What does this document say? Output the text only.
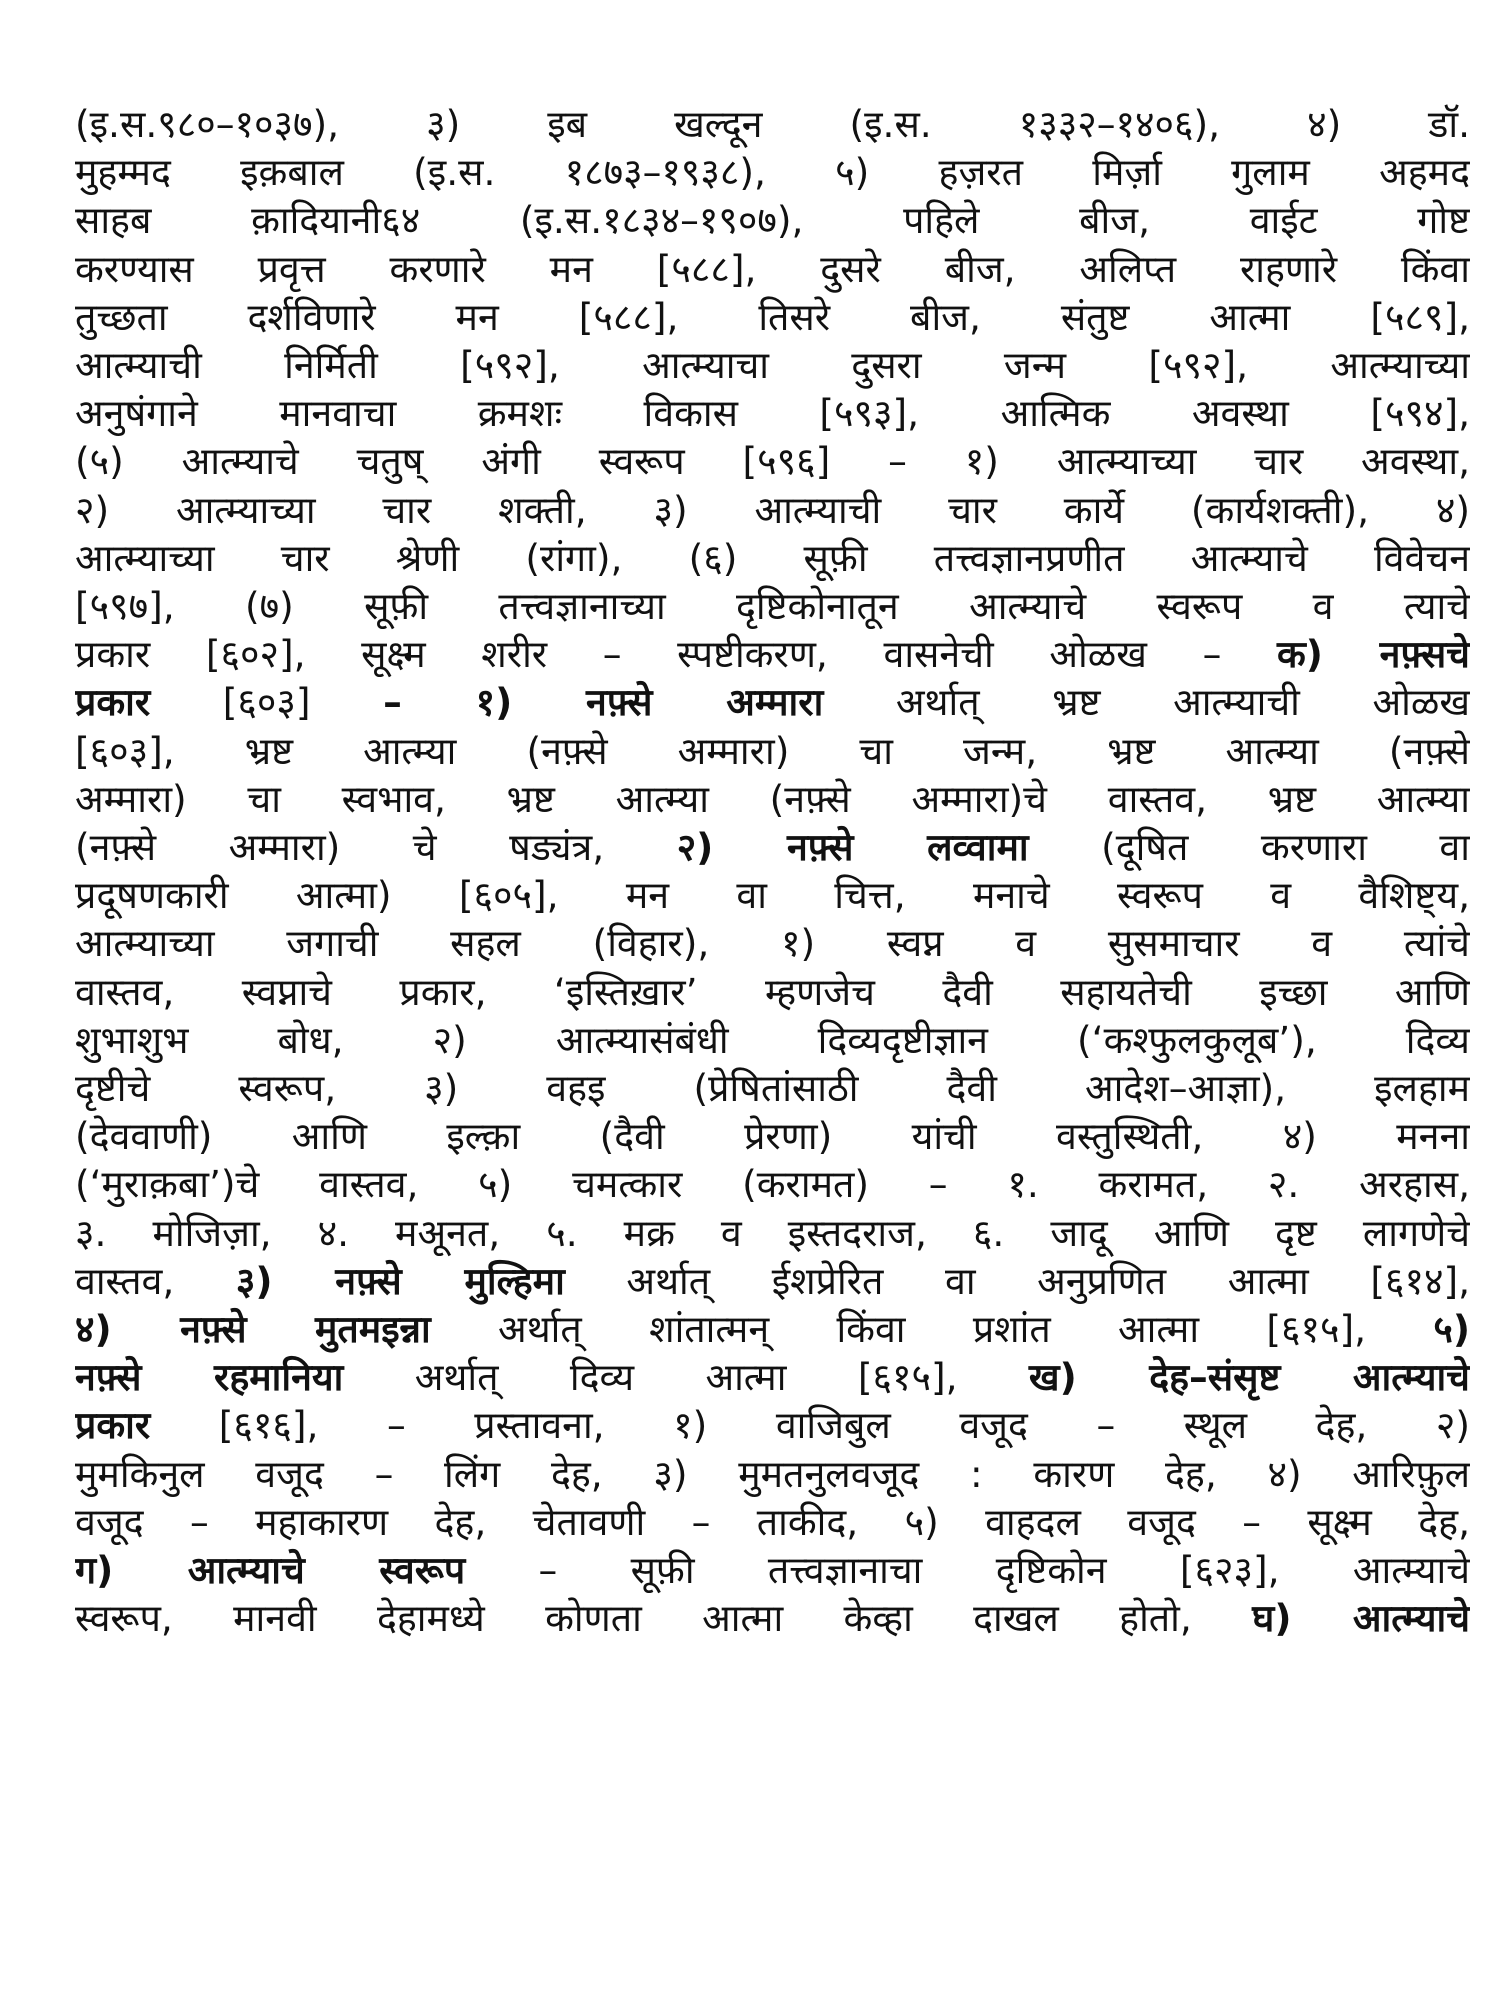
(इ.स.९८०–१०३७), ३) इब खल्दून (इ.स. १३३२–१४०६), ४) डॉ.
मुहम्मद इक़बाल (इ.स. १८७३–१९३८), ५) हज़रत मिर्ज़ा गुलाम अहमद
साहब क़ादियानी६४ (इ.स.१८३४–१९०७), पहिले बीज, वाईट गोष्ट
करण्यास प्रवृत्त करणारे मन [५८८], दुसरे बीज, अलिप्त राहणारे किंवा
तुच्छता दर्शविणारे मन [५८८], तिसरे बीज, संतुष्ट आत्मा [५८९],
आत्म्याची निर्मिती [५९२], आत्म्याचा दुसरा जन्म [५९२], आत्म्याच्या
अनुषंगाने मानवाचा क्रमशः विकास [५९३], आत्मिक अवस्था [५९४],
(५) आत्म्याचे चतुष् अंगी स्वरूप [५९६] – १) आत्म्याच्या चार अवस्था,
२) आत्म्याच्या चार शक्ती, ३) आत्म्याची चार कार्ये (कार्यशक्ती), ४)
आत्म्याच्या चार श्रेणी (रांगा), (६) सूफ़ी तत्त्वज्ञानप्रणीत आत्म्याचे विवेचन
[५९७], (७) सूफ़ी तत्त्वज्ञानाच्या दृष्टिकोनातून आत्म्याचे स्वरूप व त्याचे
प्रकार [६०२], सूक्ष्म शरीर – स्पष्टीकरण, वासनेची ओळख – क) नफ़्सचे
प्रकार [६०३] – १) नफ़्से अम्मारा अर्थात् भ्रष्ट आत्म्याची ओळख
[६०३], भ्रष्ट आत्म्या (नफ़्से अम्मारा) चा जन्म, भ्रष्ट आत्म्या (नफ़्से
अम्मारा) चा स्वभाव, भ्रष्ट आत्म्या (नफ़्से अम्मारा)चे वास्तव, भ्रष्ट आत्म्या
(नफ़्से अम्मारा) चे षड्यंत्र, २) नफ़्से लव्वामा (दूषित करणारा वा
प्रदूषणकारी आत्मा) [६०५], मन वा चित्त, मनाचे स्वरूप व वैशिष्ट्य,
आत्म्याच्या जगाची सहल (विहार), १) स्वप्न व सुसमाचार व त्यांचे
वास्तव, स्वप्नाचे प्रकार, ‘इस्तिख़ार’ म्हणजेच दैवी सहायतेची इच्छा आणि
शुभाशुभ बोध, २) आत्म्यासंबंधी दिव्यदृष्टीज्ञान (‘कश्फुलकुलूब’), दिव्य
दृष्टीचे स्वरूप, ३) वहइ (प्रेषितांसाठी दैवी आदेश–आज्ञा), इलहाम
(देववाणी) आणि इल्क़ा (दैवी प्रेरणा) यांची वस्तुस्थिती, ४) मनना
(‘मुराक़बा’)चे वास्तव, ५) चमत्कार (करामत) – १. करामत, २. अरहास,
३. मोजिज़ा, ४. मअूनत, ५. मक्र व इस्तदराज, ६. जादू आणि दृष्ट लागणेचे
वास्तव, ३) नफ़्से मुल्हिमा अर्थात् ईशप्रेरित वा अनुप्रणित आत्मा [६१४],
४) नफ़्से मुतमइन्ना अर्थात् शांतात्मन् किंवा प्रशांत आत्मा [६१५], ५)
नफ़्से रहमानिया अर्थात् दिव्य आत्मा [६१५], ख) देह–संसृष्ट आत्म्याचे
प्रकार [६१६], – प्रस्तावना, १) वाजिबुल वजूद – स्थूल देह, २)
मुमकिनुल वजूद – लिंग देह, ३) मुमतनुलवजूद : कारण देह, ४) आरिफ़ुल
वजूद – महाकारण देह, चेतावणी – ताकीद, ५) वाहदल वजूद – सूक्ष्म देह,
ग) आत्म्याचे स्वरूप – सूफ़ी तत्त्वज्ञानाचा दृष्टिकोन [६२३], आत्म्याचे
स्वरूप, मानवी देहामध्ये कोणता आत्मा केव्हा दाखल होतो, घ) आत्म्याचे
